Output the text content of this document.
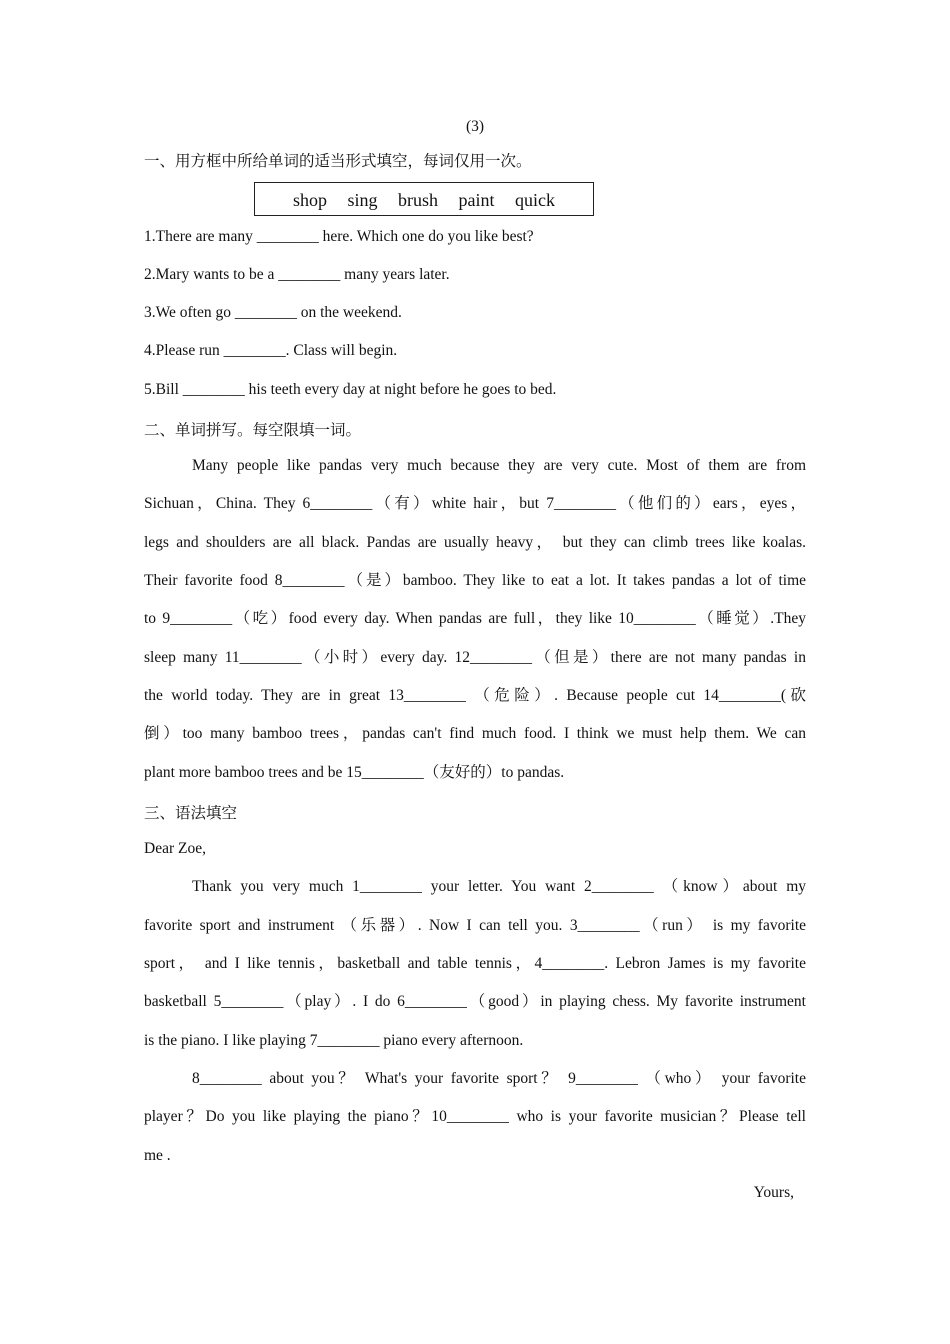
(3)
一、用方框中所给单词的适当形式填空，每词仅用一次。
shop sing brush paint quick
1.There are many ________ here. Which one do you like best?
2.Mary wants to be a ________ many years later.
3.We often go ________ on the weekend.
4.Please run ________. Class will begin.
5.Bill ________ his teeth every day at night before he goes to bed.
二、单词拼写。每空限填一词。
Many people like pandas very much because they are very cute. Most of them are from
Sichuan，China. They 6________（有）white hair，but 7________（他们的）ears，eyes，
legs and shoulders are all black. Pandas are usually heavy， but they can climb trees like koalas.
Their favorite food 8________（是）bamboo. They like to eat a lot. It takes pandas a lot of time
to 9________（吃）food every day. When pandas are full，they like 10________（睡觉）.They
sleep many 11________（小时）every day. 12________（但是）there are not many pandas in
the world today. They are in great 13________ （危险）. Because people cut 14________(砍
倒）too many bamboo trees，pandas can't find much food. I think we must help them. We can
plant more bamboo trees and be 15________（友好的）to pandas.
三、语法填空
Dear Zoe,
Thank you very much 1________ your letter. You want 2________ （know）about my
favorite sport and instrument （乐器）. Now I can tell you. 3________（run） is my favorite
sport， and I like tennis，basketball and table tennis，4________. Lebron James is my favorite
basketball 5________（play）. I do 6________（good）in playing chess. My favorite instrument
is the piano. I like playing 7________ piano every afternoon.
8________ about you？ What's your favorite sport？ 9________ （who） your favorite
player？Do you like playing the piano？10________ who is your favorite musician？Please tell
me .
Yours,
